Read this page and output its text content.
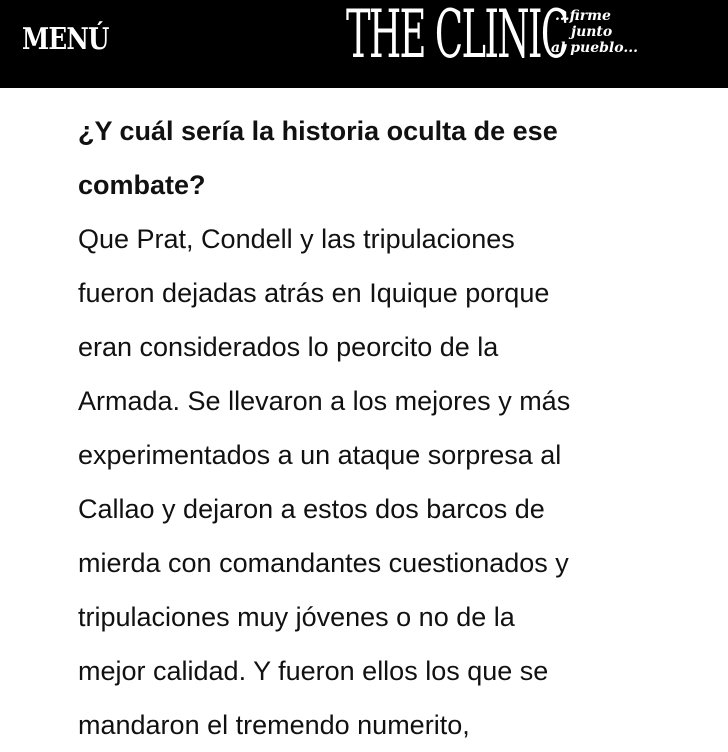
MENÚ	THE CLINIC
...firme
junto
al pueblo...

¿Y cuál sería la historia oculta de ese combate?

Que Prat, Condell y las tripulaciones
fueron dejadas atrás en Iquique porque
eran considerados lo peorcito de la
Armada. Se llevaron a los mejores y más
experimentados a un ataque sorpresa al
Callao y dejaron a estos dos barcos de
mierda con comandantes cuestionados y
tripulaciones muy jóvenes o no de la
mejor calidad. Y fueron ellos los que se
mandaron el tremendo numerito,
